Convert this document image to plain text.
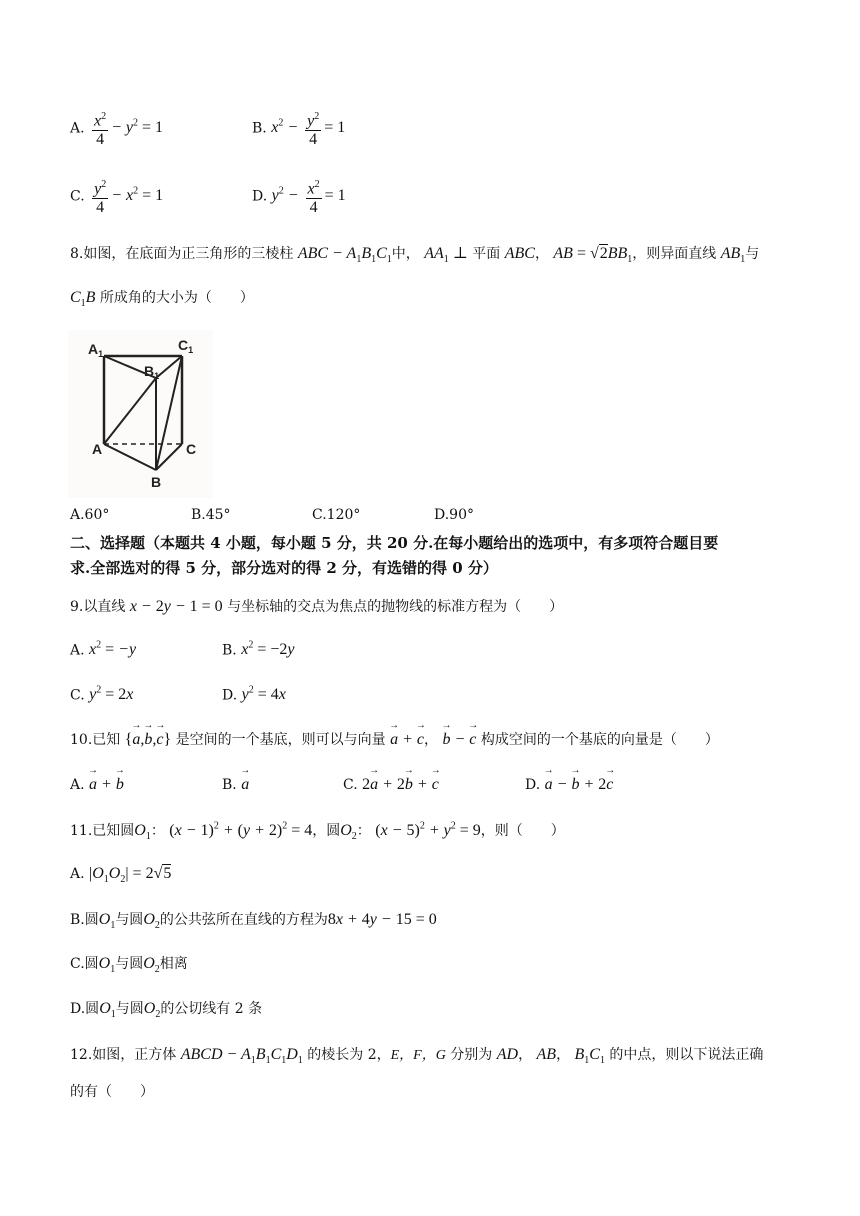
A. $\frac{x^2}{4} - y^2 = 1$	B. $x^2 - \frac{y^2}{4} = 1$
C. $\frac{y^2}{4} - x^2 = 1$	D. $y^2 - \frac{x^2}{4} = 1$
8.如图，在底面为正三角形的三棱柱 ABC − $A_1B_1C_1$中， $AA_1$ ⊥ 平面 ABC， AB = $√2BB_1$，则异面直线 $AB_1$与
$C_1B$ 所成角的大小为（　　）
$A_1$
$C_1$
$B_1$
A	C
B
A.60°	B.45°	C.120°	D.90°
二、选择题（本题共 4 小题，每小题 5 分，共 20 分.在每小题给出的选项中，有多项符合题目要
求.全部选对的得 5 分，部分选对的得 2 分，有选错的得 0 分）
9.以直线 x − 2y − 1 = 0 与坐标轴的交点为焦点的抛物线的标准方程为（　　）
A. $x^2 = -y$	B. $x^2 = -2y$
C. $y^2 = 2x$	D. $y^2 = 4x$
10.已知 {→ a,→ b,→ c} 是空间的一个基底，则可以与向量 → a + → c， → b − → c 构成空间的一个基底的向量是（　　）
A. → a + → b	B. → a	C. 2→ a + 2→ b + → c	D. → a − → b + 2→ c
11.已知圆$O_1$： $(x - 1)^2 + (y + 2)^2 = 4$，圆$O_2$： $(x - 5)^2 + y^2 = 9$，则（　　）
A. $|O_1O_2| = 2√5$
B.圆$O_1$与圆$O_2$的公共弦所在直线的方程为8x + 4y − 15 = 0
C.圆$O_1$与圆$O_2$相离
D.圆$O_1$与圆$O_2$的公切线有 2 条
12.如图，正方体 ABCD − $A_1B_1C_1D_1$ 的棱长为 2，E，F，G 分别为 AD， AB， $B_1C_1$ 的中点，则以下说法正确
的有（　　）
